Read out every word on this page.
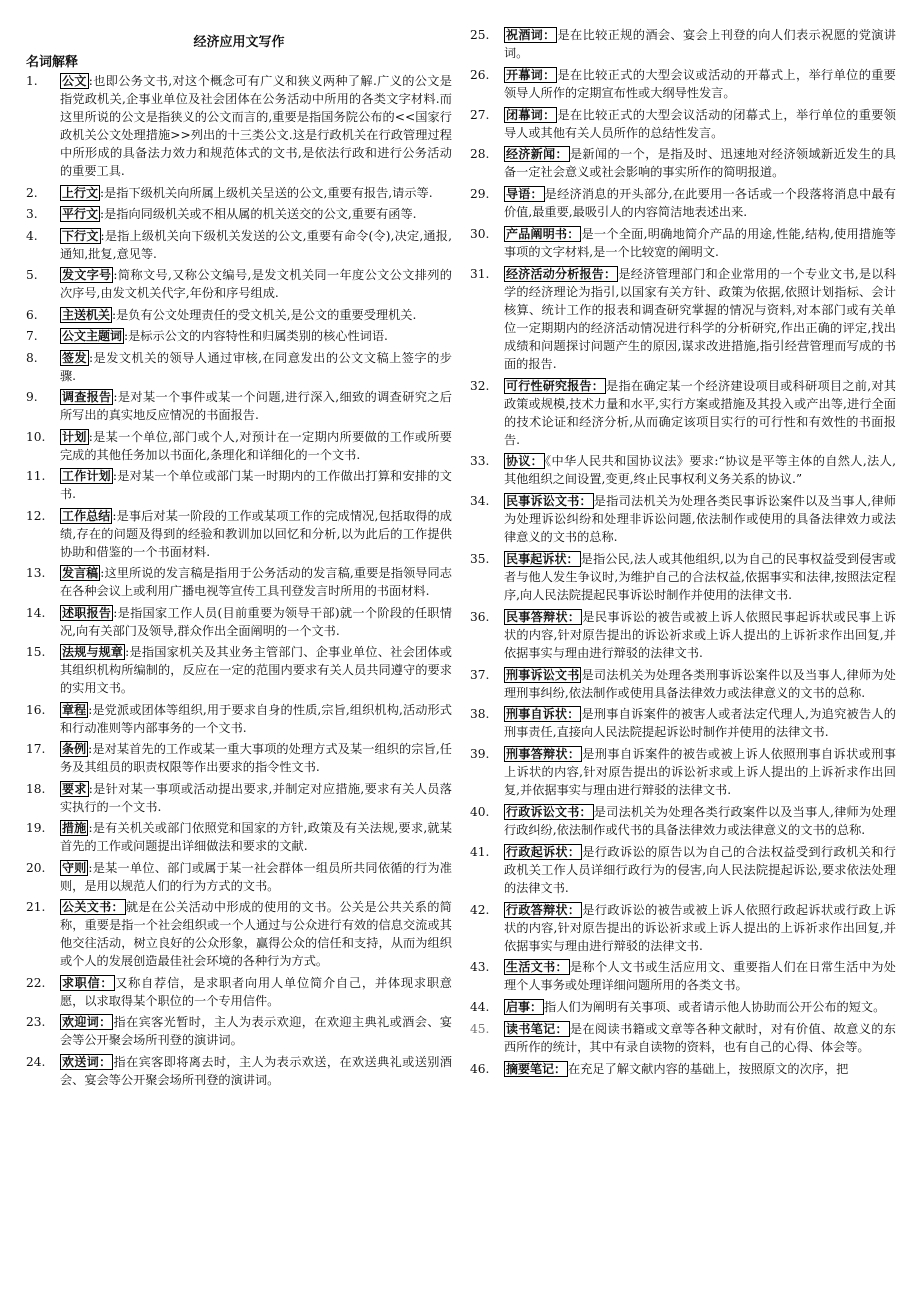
经济应用文写作
名词解释
1.	公文 :也即公务文书,对这个概念可有广义和狭义两种了解.广义的公文是指党政机关,企事业单位及社会团体在公务活动中所用的各类文字材料.而这里所说的公文是指狭义的公文而言的,重要是指国务院公布的<<国家行政机关公文处理措施>>列出的十三类公文.这是行政机关在行政管理过程中所形成的具备法力效力和规范体式的文书,是依法行政和进行公务活动的重要工具.
2.	上行文 :是指下级机关向所属上级机关呈送的公文,重要有报告,请示等.
3.	平行文 :是指向同级机关或不相从属的机关送交的公文,重要有函等.
4.	下行文 :是指上级机关向下级机关发送的公文,重要有命令(令),决定,通报,通知,批复,意见等.
5.	发文字号 :简称文号,又称公文编号,是发文机关同一年度公文公文排列的次序号,由发文机关代字,年份和序号组成.
6.	主送机关 :是负有公文处理责任的受文机关,是公文的重要受理机关.
7.	公文主题词 :是标示公文的内容特性和归属类别的核心性词语.
8.	签发 :是发文机关的领导人通过审核,在同意发出的公文文稿上签字的步骤.
9.	调查报告 :是对某一个事件或某一个问题,进行深入,细致的调查研究之后所写出的真实地反应情况的书面报告.
10.	计划 :是某一个单位,部门或个人,对预计在一定期内所要做的工作或所要完成的其他任务加以书面化,条理化和详细化的一个文书.
11.	工作计划 :是对某一个单位或部门某一时期内的工作做出打算和安排的文书.
12.	工作总结 :是事后对某一阶段的工作或某项工作的完成情况,包括取得的成绩,存在的问题及得到的经验和教训加以回忆和分析,以为此后的工作提供协助和借鉴的一个书面材料.
13.	发言稿 :这里所说的发言稿是指用于公务活动的发言稿,重要是指领导同志在各种会议上或利用广播电视等宣传工具刊登发言时所用的书面材料.
14.	述职报告 :是指国家工作人员(目前重要为领导干部)就一个阶段的任职情况,向有关部门及领导,群众作出全面阐明的一个文书.
15.	法规与规章 :是指国家机关及其业务主管部门、企事业单位、社会团体或其组织机构所编制的，反应在一定的范围内要求有关人员共同遵守的要求的实用文书。
16.	章程 :是党派或团体等组织,用于要求自身的性质,宗旨,组织机构,活动形式和行动准则等内部事务的一个文书.
17.	条例 :是对某首先的工作或某一重大事项的处理方式及某一组织的宗旨,任务及其组员的职责权限等作出要求的指令性文书.
18.	要求 :是针对某一事项或活动提出要求,并制定对应措施,要求有关人员落实执行的一个文书.
19.	措施 :是有关机关或部门依照党和国家的方针,政策及有关法规,要求,就某首先的工作或问题提出详细做法和要求的文献.
20.	守则 :是某一单位、部门或属于某一社会群体一组员所共同依循的行为准则，是用以规范人们的行为方式的文书。
21.	公关文书： 就是在公关活动中形成的使用的文书。公关是公共关系的简称，重要是指一个社会组织或一个人通过与公众进行有效的信息交流或其他交往活动，树立良好的公众形象，赢得公众的信任和支持，从而为组织或个人的发展创造最佳社会环境的各种行为方式。
22.	求职信： 又称自荐信，是求职者向用人单位简介自己，并体现求职意愿，以求取得某个职位的一个专用信件。
23.	欢迎词： 指在宾客光暂时，主人为表示欢迎，在欢迎主典礼或酒会、宴会等公开聚会场所刊登的演讲词。
24.	欢送词： 指在宾客即将离去时，主人为表示欢送，在欢送典礼或送别酒会、宴会等公开聚会场所刊登的演讲词。
25.	祝酒词： 是在比较正规的酒会、宴会上刊登的向人们表示祝愿的党演讲词。
26.	开幕词： 是在比较正式的大型会议或活动的开幕式上，举行单位的重要领导人所作的定期宣布性或大纲导性发言。
27.	闭幕词： 是在比较正式的大型会议活动的闭幕式上，举行单位的重要领导人或其他有关人员所作的总结性发言。
28.	经济新闻： 是新闻的一个，是指及时、迅速地对经济领域新近发生的具备一定社会意义或社会影响的事实所作的简明报道。
29.	导语： 是经济消息的开头部分,在此要用一各话或一个段落将消息中最有价值,最重要,最吸引人的内容简洁地表述出来.
30.	产品阐明书： 是一个全面,明确地简介产品的用途,性能,结构,使用措施等事项的文字材料,是一个比较宽的阐明文.
31.	经济活动分析报告： 是经济管理部门和企业常用的一个专业文书,是以科学的经济理论为指引,以国家有关方针、政策为依据,依照计划指标、会计核算、统计工作的报表和调查研究掌握的情况与资料,对本部门或有关单位一定期期内的经济活动情况进行科学的分析研究,作出正确的评定,找出成绩和问题探讨问题产生的原因,谋求改进措施,指引经营管理而写成的书面的报告.
32.	可行性研究报告： 是指在确定某一个经济建设项目或科研项目之前,对其政策或规模,技术力量和水平,实行方案或措施及其投入或产出等,进行全面的技术论证和经济分析,从而确定该项目实行的可行性和有效性的书面报告.
33.	协议： 《中华人民共和国协议法》要求:“协议是平等主体的自然人,法人,其他组织之间设置,变更,终止民事权利义务关系的协议.”
34.	民事诉讼文书： 是指司法机关为处理各类民事诉讼案件以及当事人,律师为处理诉讼纠纷和处理非诉讼问题,依法制作或使用的具备法律效力或法律意义的文书的总称.
35.	民事起诉状： 是指公民,法人或其他组织,以为自己的民事权益受到侵害或者与他人发生争议时,为维护自己的合法权益,依据事实和法律,按照法定程序,向人民法院提起民事诉讼时制作并使用的法律文书.
36.	民事答辩状： 是民事诉讼的被告或被上诉人依照民事起诉状或民事上诉状的内容,针对原告提出的诉讼祈求或上诉人提出的上诉祈求作出回复,并依据事实与理由进行辩驳的法律文书.
37.	刑事诉讼文书 是司法机关为处理各类刑事诉讼案件以及当事人,律师为处理刑事纠纷,依法制作或使用具备法律效力或法律意义的文书的总称.
38.	刑事自诉状： 是刑事自诉案件的被害人或者法定代理人,为追究被告人的刑事责任,直接向人民法院提起诉讼时制作并使用的法律文书.
39.	刑事答辩状： 是刑事自诉案件的被告或被上诉人依照刑事自诉状或刑事上诉状的内容,针对原告提出的诉讼祈求或上诉人提出的上诉祈求作出回复,并依据事实与理由进行辩驳的法律文书.
40.	行政诉讼文书： 是司法机关为处理各类行政案件以及当事人,律师为处理行政纠纷,依法制作或代书的具备法律效力或法律意义的文书的总称.
41.	行政起诉状： 是行政诉讼的原告以为自己的合法权益受到行政机关和行政机关工作人员详细行政行为的侵害,向人民法院提起诉讼,要求依法处理的法律文书.
42.	行政答辩状： 是行政诉讼的被告或被上诉人依照行政起诉状或行政上诉状的内容,针对原告提出的诉讼祈求或上诉人提出的上诉祈求作出回复,并依据事实与理由进行辩驳的法律文书.
43.	生活文书： 是称个人文书或生活应用文、重要指人们在日常生活中为处理个人事务或处理详细问题所用的各类文书。
44.	启事： 指人们为阐明有关事项、或者请示他人协助而公开公布的短文。
45.	读书笔记： 是在阅读书籍或文章等各种文献时，对有价值、故意义的东西所作的统计，其中有录自读物的资料，也有自己的心得、体会等。
46.	摘要笔记： 在充足了解文献内容的基础上，按照原文的次序，把
